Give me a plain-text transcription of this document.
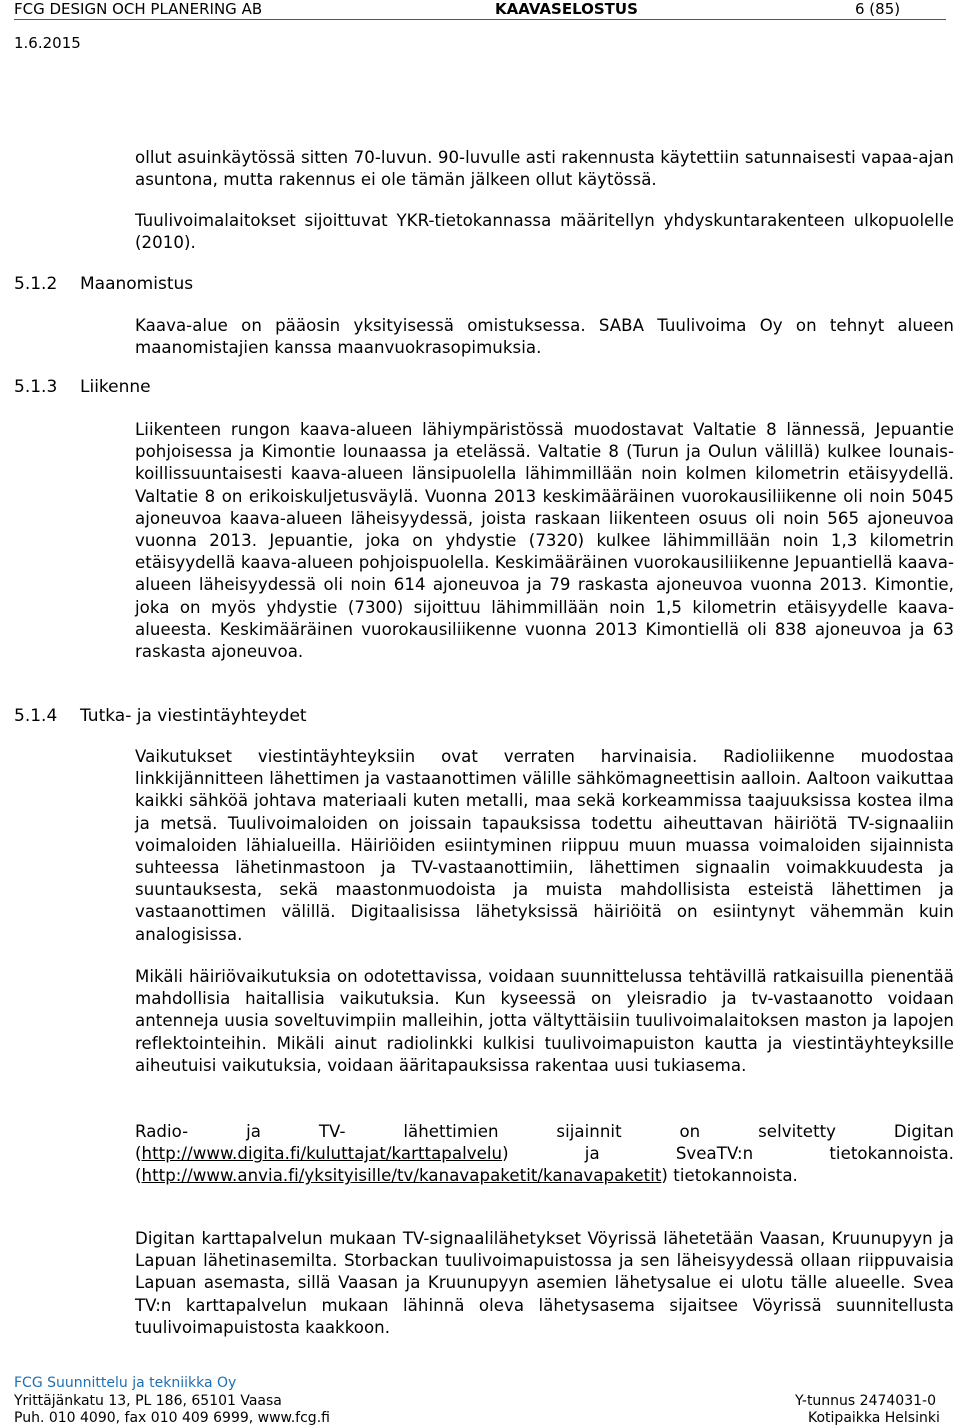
FCG DESIGN OCH PLANERING AB	KAAVASELOSTUS	6 (85)
1.6.2015

ollut asuinkäytössä sitten 70-luvun. 90-luvulle asti rakennusta käytettiin satunnaisesti vapaa-ajan asuntona, mutta rakennus ei ole tämän jälkeen ollut käytössä.

Tuulivoimalaitokset sijoittuvat YKR-tietokannassa määritellyn yhdyskuntarakenteen ulkopuolelle (2010).

5.1.2 Maanomistus

Kaava-alue on pääosin yksityisessä omistuksessa. SABA Tuulivoima Oy on tehnyt alueen maanomistajien kanssa maanvuokrasopimuksia.

5.1.3 Liikenne

Liikenteen rungon kaava-alueen lähiympäristössä muodostavat Valtatie 8 lännessä, Jepuantie pohjoisessa ja Kimontie lounaassa ja etelässä. Valtatie 8 (Turun ja Oulun välillä) kulkee lounais-koillissuuntaisesti kaava-alueen länsipuolella lähimmillään noin kolmen kilometrin etäisyydellä. Valtatie 8 on erikoiskuljetusväylä. Vuonna 2013 keskimääräinen vuorokausiliikenne oli noin 5045 ajoneuvoa kaava-alueen läheisyydessä, joista raskaan liikenteen osuus oli noin 565 ajoneuvoa vuonna 2013. Jepuantie, joka on yhdystie (7320) kulkee lähimmillään noin 1,3 kilometrin etäisyydellä kaava-alueen pohjoispuolella. Keskimääräinen vuorokausiliikenne Jepuantiellä kaava-alueen läheisyydessä oli noin 614 ajoneuvoa ja 79 raskasta ajoneuvoa vuonna 2013. Kimontie, joka on myös yhdystie (7300) sijoittuu lähimmillään noin 1,5 kilometrin etäisyydelle kaava-alueesta. Keskimääräinen vuorokausiliikenne vuonna 2013 Kimontiellä oli 838 ajoneuvoa ja 63 raskasta ajoneuvoa.

5.1.4 Tutka- ja viestintäyhteydet

Vaikutukset viestintäyhteyksiin ovat verraten harvinaisia. Radioliikenne muodostaa linkkijännitteen lähettimen ja vastaanottimen välille sähkömagneettisin aalloin. Aaltoon vaikuttaa kaikki sähköä johtava materiaali kuten metalli, maa sekä korkeammissa taajuuksissa kostea ilma ja metsä. Tuulivoimaloiden on joissain tapauksissa todettu aiheuttavan häiriötä TV-signaaliin voimaloiden lähialueilla. Häiriöiden esiintyminen riippuu muun muassa voimaloiden sijainnista suhteessa lähetinmastoon ja TV-vastaanottimiin, lähettimen signaalin voimakkuudesta ja suuntauksesta, sekä maastonmuodoista ja muista mahdollisista esteistä lähettimen ja vastaanottimen välillä. Digitaalisissa lähetyksissä häiriöitä on esiintynyt vähemmän kuin analogisissa.

Mikäli häiriövaikutuksia on odotettavissa, voidaan suunnittelussa tehtävillä ratkaisuilla pienentää mahdollisia haitallisia vaikutuksia. Kun kyseessä on yleisradio ja tv-vastaanotto voidaan antenneja uusia soveltuvimpiin malleihin, jotta vältyttäisiin tuulivoimalaitoksen maston ja lapojen reflektointeihin. Mikäli ainut radiolinkki kulkisi tuulivoimapuiston kautta ja viestintäyhteyksille aiheutuisi vaikutuksia, voidaan ääritapauksissa rakentaa uusi tukiasema.

Radio- ja TV- lähettimien sijainnit on selvitetty Digitan (http://www.digita.fi/kuluttajat/karttapalvelu) ja SveaTV:n tietokannoista.(http://www.anvia.fi/yksityisille/tv/kanavapaketit/kanavapaketit) tietokannoista.

Digitan karttapalvelun mukaan TV-signaalilähetykset Vöyrissä lähetetään Vaasan, Kruunupyyn ja Lapuan lähetinasemilta. Storbackan tuulivoimapuistossa ja sen läheisyydessä ollaan riippuvaisia Lapuan asemasta, sillä Vaasan ja Kruunupyyn asemien lähetysalue ei ulotu tälle alueelle. Svea TV:n karttapalvelun mukaan lähinnä oleva lähetysasema sijaitsee Vöyrissä suunnitellusta tuulivoimapuistosta kaakkoon.

FCG Suunnittelu ja tekniikka Oy
Yrittäjänkatu 13, PL 186, 65101 Vaasa
Puh. 010 4090, fax 010 409 6999, www.fcg.fi
Y-tunnus 2474031-0
Kotipaikka Helsinki
